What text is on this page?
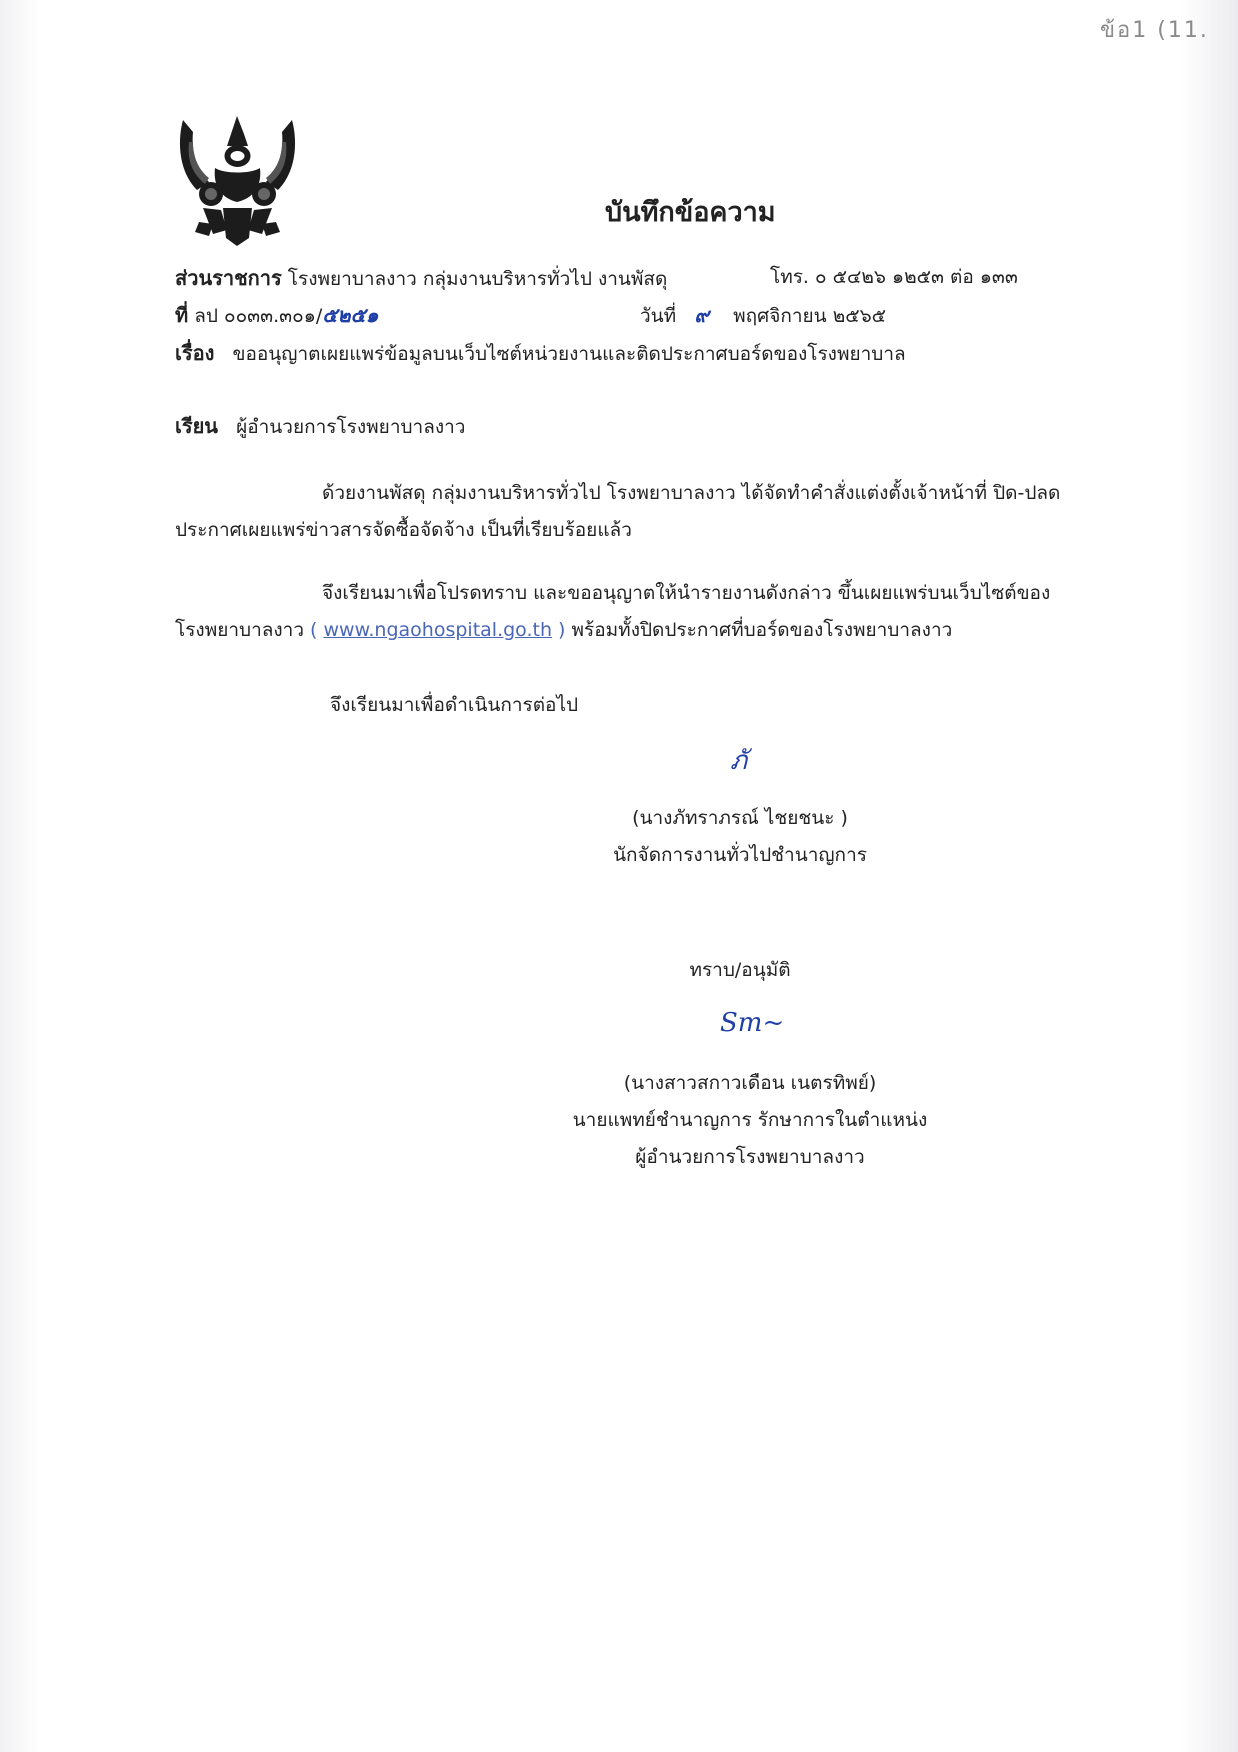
ข้อ1 (11.
บันทึกข้อความ
ส่วนราชการ โรงพยาบาลงาว กลุ่มงานบริหารทั่วไป งานพัสดุ	โทร. ๐ ๕๔๒๖ ๑๒๕๓ ต่อ ๑๓๓
ที่ ลป ๐๐๓๓.๓๐๑/๕๒๕๑	วันที่ ๙ พฤศจิกายน ๒๕๖๕
เรื่อง ขออนุญาตเผยแพร่ข้อมูลบนเว็บไซต์หน่วยงานและติดประกาศบอร์ดของโรงพยาบาล
เรียน ผู้อำนวยการโรงพยาบาลงาว
ด้วยงานพัสดุ กลุ่มงานบริหารทั่วไป โรงพยาบาลงาว ได้จัดทำคำสั่งแต่งตั้งเจ้าหน้าที่ ปิด-ปลด
ประกาศเผยแพร่ข่าวสารจัดซื้อจัดจ้าง เป็นที่เรียบร้อยแล้ว
จึงเรียนมาเพื่อโปรดทราบ และขออนุญาตให้นำรายงานดังกล่าว ขึ้นเผยแพร่บนเว็บไซต์ของ
โรงพยาบาลงาว ( www.ngaohospital.go.th ) พร้อมทั้งปิดประกาศที่บอร์ดของโรงพยาบาลงาว
จึงเรียนมาเพื่อดำเนินการต่อไป
ภั
(นางภัทราภรณ์ ไชยชนะ )
นักจัดการงานทั่วไปชำนาญการ
ทราบ/อนุมัติ
Sm~
(นางสาวสกาวเดือน เนตรทิพย์)
นายแพทย์ชำนาญการ รักษาการในตำแหน่ง
ผู้อำนวยการโรงพยาบาลงาว
